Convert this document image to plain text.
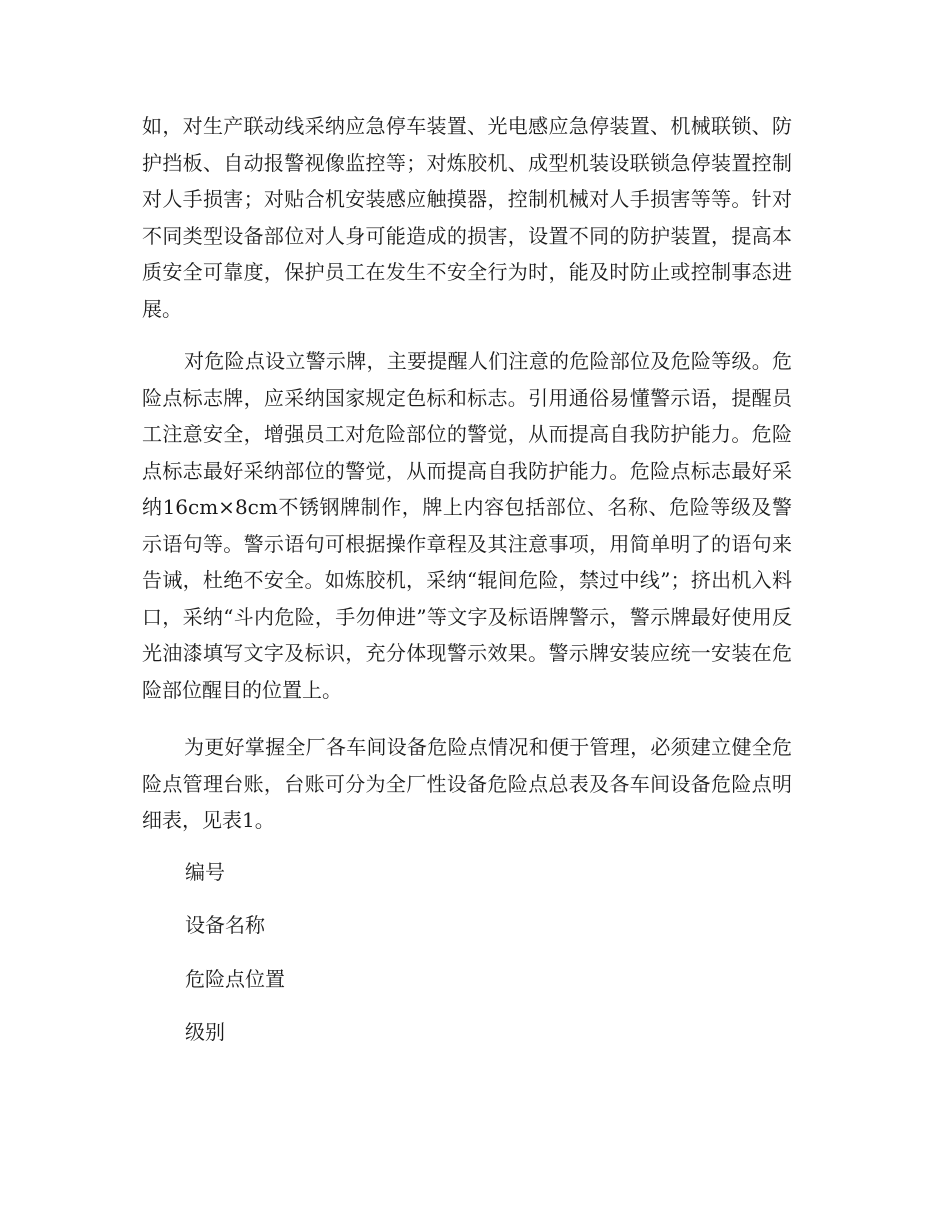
如，对生产联动线采纳应急停车装置、光电感应急停装置、机械联锁、防护挡板、自动报警视像监控等；对炼胶机、成型机装设联锁急停装置控制对人手损害；对贴合机安装感应触摸器，控制机械对人手损害等等。针对不同类型设备部位对人身可能造成的损害，设置不同的防护装置，提高本质安全可靠度，保护员工在发生不安全行为时，能及时防止或控制事态进展。

对危险点设立警示牌，主要提醒人们注意的危险部位及危险等级。危险点标志牌，应采纳国家规定色标和标志。引用通俗易懂警示语，提醒员工注意安全，增强员工对危险部位的警觉，从而提高自我防护能力。危险点标志最好采纳部位的警觉，从而提高自我防护能力。危险点标志最好采纳16cm×8cm不锈钢牌制作，牌上内容包括部位、名称、危险等级及警示语句等。警示语句可根据操作章程及其注意事项，用简单明了的语句来告诫，杜绝不安全。如炼胶机，采纳“辊间危险，禁过中线”；挤出机入料口，采纳“斗内危险，手勿伸进”等文字及标语牌警示，警示牌最好使用反光油漆填写文字及标识，充分体现警示效果。警示牌安装应统一安装在危险部位醒目的位置上。

为更好掌握全厂各车间设备危险点情况和便于管理，必须建立健全危险点管理台账，台账可分为全厂性设备危险点总表及各车间设备危险点明细表，见表1。

编号

设备名称

危险点位置

级别
